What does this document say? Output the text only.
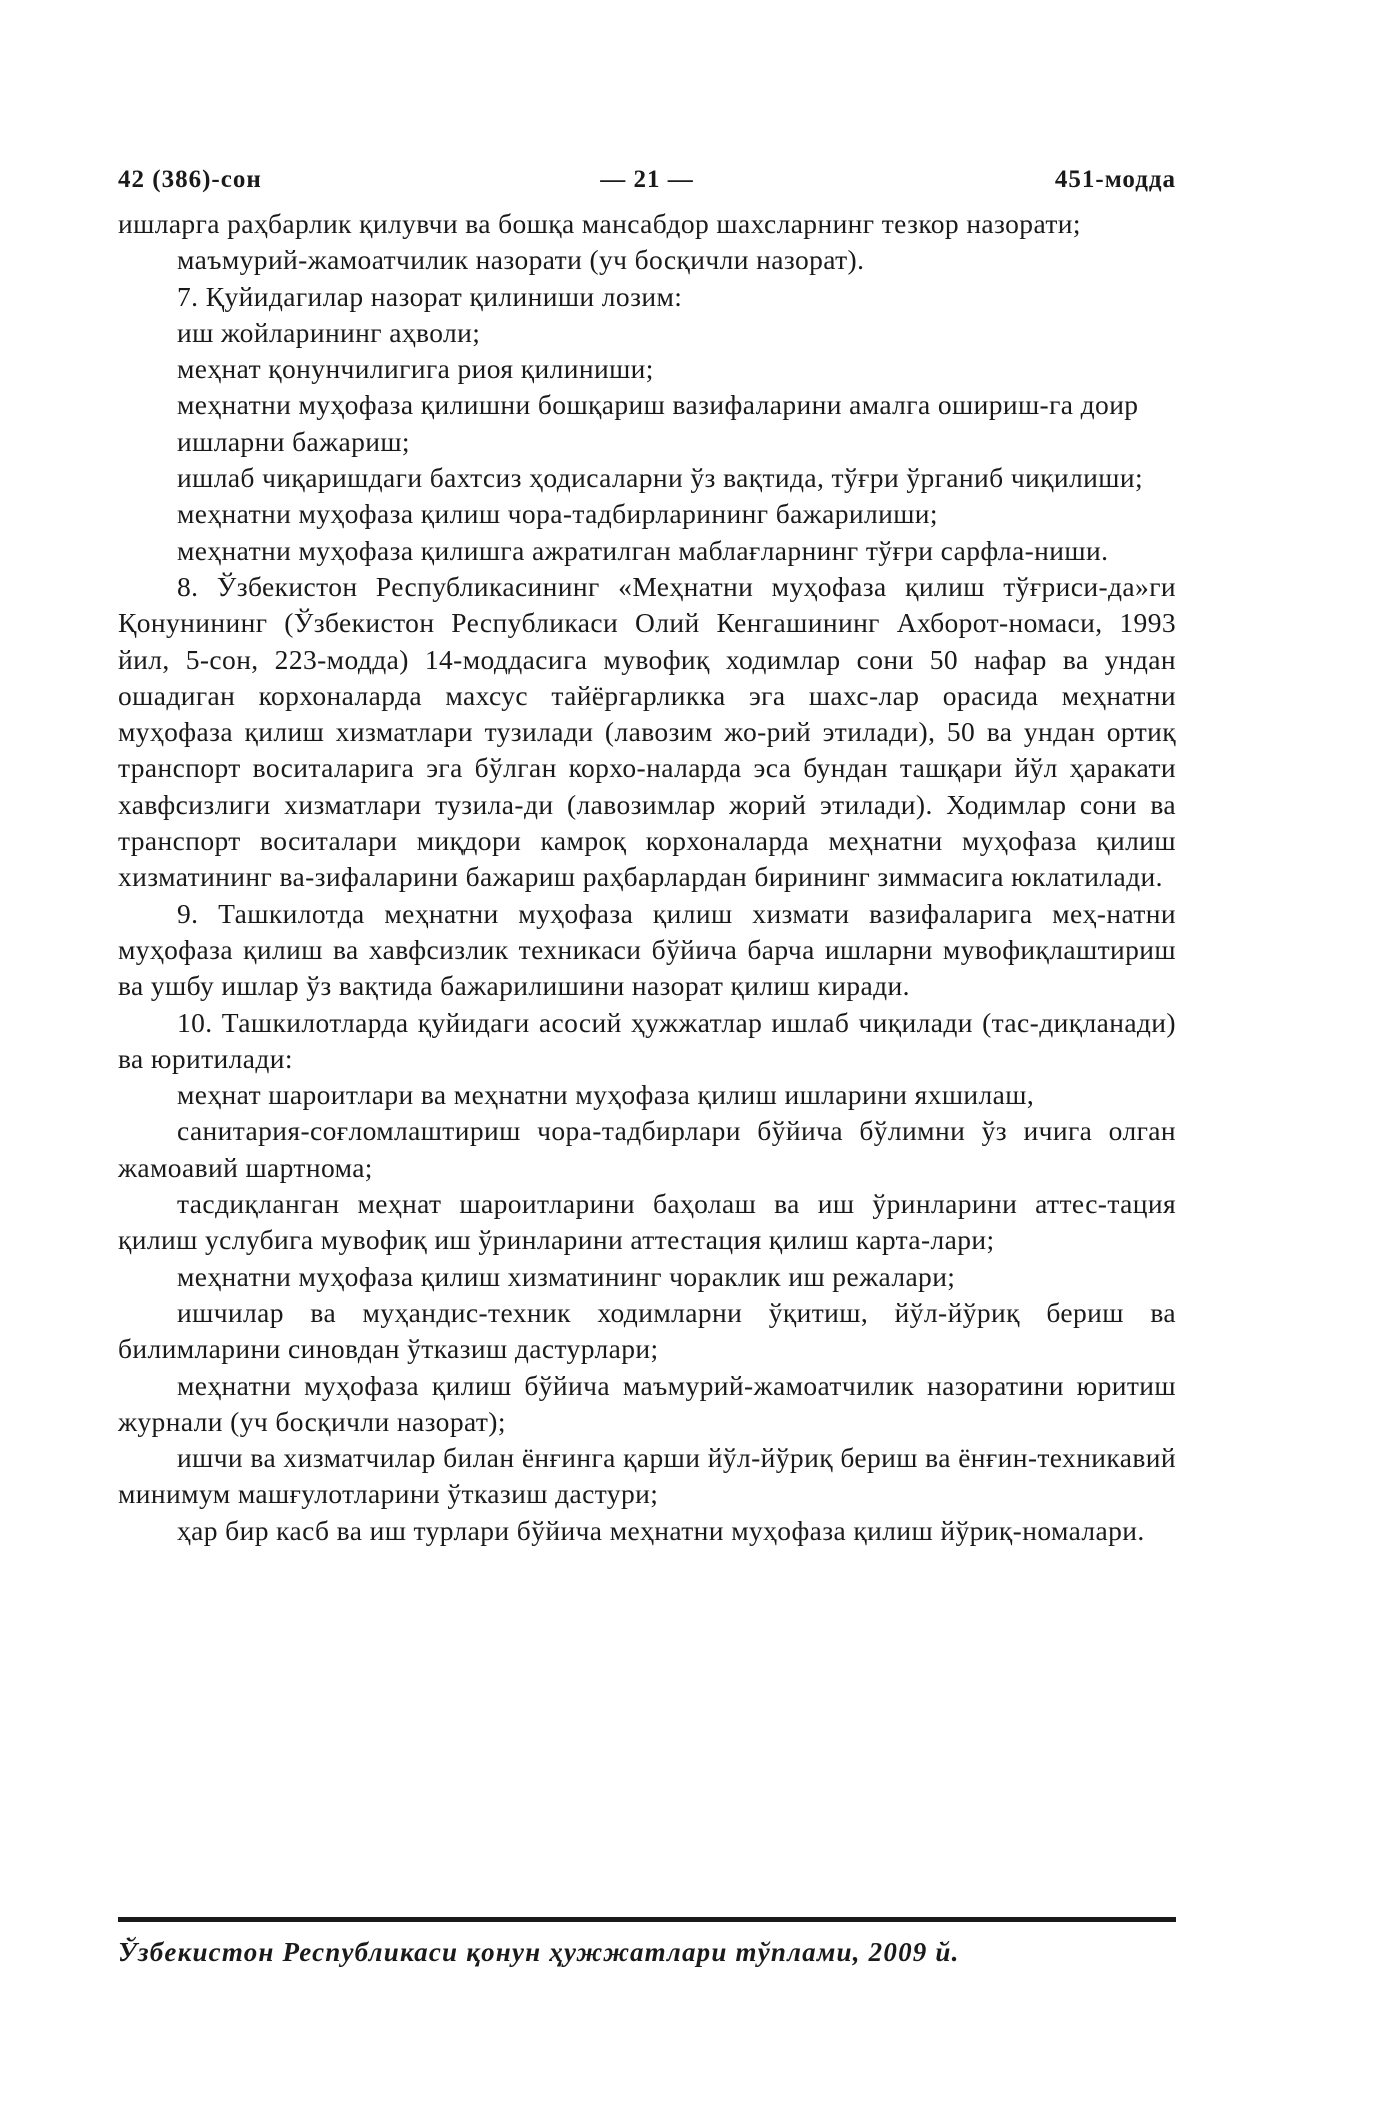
42 (386)-сон	— 21 —	451-модда

ишларга раҳбарлик қилувчи ва бошқа мансабдор шахсларнинг тезкор назорати;

маъмурий-жамоатчилик назорати (уч босқичли назорат).

7. Қуйидагилар назорат қилиниши лозим:

иш жойларининг аҳволи;

меҳнат қонунчилигига риоя қилиниши;

меҳнатни муҳофаза қилишни бошқариш вазифаларини амалга ошириш-га доир

ишларни бажариш;

ишлаб чиқаришдаги бахтсиз ҳодисаларни ўз вақтида, тўғри ўрганиб чиқилиши;

меҳнатни муҳофаза қилиш чора-тадбирларининг бажарилиши;

меҳнатни муҳофаза қилишга ажратилган маблағларнинг тўғри сарфла-ниши.

8. Ўзбекистон Республикасининг «Меҳнатни муҳофаза қилиш тўғриси-да»ги Қонунининг (Ўзбекистон Республикаси Олий Кенгашининг Ахборот-номаси, 1993 йил, 5-сон, 223-модда) 14-моддасига мувофиқ ходимлар сони 50 нафар ва ундан ошадиган корхоналарда махсус тайёргарликка эга шахс-лар орасида меҳнатни муҳофаза қилиш хизматлари тузилади (лавозим жо-рий этилади), 50 ва ундан ортиқ транспорт воситаларига эга бўлган корхо-наларда эса бундан ташқари йўл ҳаракати хавфсизлиги хизматлари тузила-ди (лавозимлар жорий этилади). Ходимлар сони ва транспорт воситалари миқдори камроқ корхоналарда меҳнатни муҳофаза қилиш хизматининг ва-зифаларини бажариш раҳбарлардан бирининг зиммасига юклатилади.

9. Ташкилотда меҳнатни муҳофаза қилиш хизмати вазифаларига меҳ-натни муҳофаза қилиш ва хавфсизлик техникаси бўйича барча ишларни мувофиқлаштириш ва ушбу ишлар ўз вақтида бажарилишини назорат қилиш киради.

10. Ташкилотларда қуйидаги асосий ҳужжатлар ишлаб чиқилади (тас-диқланади) ва юритилади:

меҳнат шароитлари ва меҳнатни муҳофаза қилиш ишларини яхшилаш,

санитария-соғломлаштириш чора-тадбирлари бўйича бўлимни ўз ичига олган жамоавий шартнома;

тасдиқланган меҳнат шароитларини баҳолаш ва иш ўринларини аттес-тация қилиш услубига мувофиқ иш ўринларини аттестация қилиш карта-лари;

меҳнатни муҳофаза қилиш хизматининг чораклик иш режалари;

ишчилар ва муҳандис-техник ходимларни ўқитиш, йўл-йўриқ бериш ва билимларини синовдан ўтказиш дастурлари;

меҳнатни муҳофаза қилиш бўйича маъмурий-жамоатчилик назоратини юритиш журнали (уч босқичли назорат);

ишчи ва хизматчилар билан ёнғинга қарши йўл-йўриқ бериш ва ёнғин-техникавий минимум машғулотларини ўтказиш дастури;

ҳар бир касб ва иш турлари бўйича меҳнатни муҳофаза қилиш йўриқ-номалари.

Ўзбекистон Республикаси қонун ҳужжатлари тўплами, 2009 й.
